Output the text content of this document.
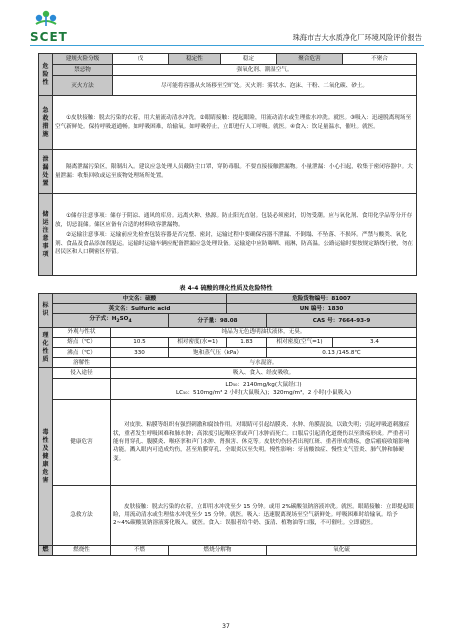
SCET	珠海市吉大水质净化厂环境风险评价报告
危险性	建规火险分级	戊	稳定性	稳定	聚合危害	不聚合
	禁忌物	强氧化剂、潮湿空气。				
	灭火方法	尽可能将容器从火场移至空旷处。灭火剂：雾状水、泡沫、干粉、二氧化碳、砂土。				
急救措施	①皮肤接触：脱去污染的衣着，用大量流动清水冲洗。②眼睛接触：提起眼睑，用流动清水或生理盐水冲洗。就医。③吸入：迅速脱离现场至空气新鲜处。保持呼吸道通畅。如呼吸困难，给输氧。如呼吸停止，立即进行人工呼吸。就医。④食入：饮足量温水，催吐。就医。					
泄漏处置	隔离泄漏污染区，限制出入。建议应急处理人员戴防尘口罩，穿防毒服。不要直接接触泄漏物。小量泄漏：小心扫起，收集于密闭容器中。大量泄漏：收集回收或运至废物处理场所处置。					
储运注意事项	①储存注意事项：储存于阴凉、通风的库房。远离火种、热源。防止阳光直射。包装必须密封，切勿受潮。应与氧化剂、食用化学品等分开存放，切忌混储。储区应备有合适的材料收容泄漏物。
②运输注意事项：运输前应先检查包装容器是否完整、密封，运输过程中要确保容器不泄漏、不倒塌、不坠落、不损坏。严禁与酸类、氧化剂、食品及食品添加剂混运。运输时运输车辆应配备泄漏应急处理设备。运输途中应防曝晒、雨淋，防高温。公路运输时要按规定路线行驶，勿在居民区和人口稠密区停留。					
表 4-4 硫酸的理化性质及危险特性
标识	中文名：硫酸			危险货物编号：81007		
	英文名：Sulfuric acid			UN 编号：1830		
	分子式：$H_2SO_4$		分子量：98.08		CAS 号：7664-93-9	
理化性质	外观与性状	纯品为无色透明油状液体，无臭。				
	熔点（℃）	10.5	相对密度(水=1)	1.83	相对密度(空气=1)	3.4
	沸点（℃）	330	饱和蒸气压（kPa）		0.13 /145.8℃	
	溶解性	与水混溶。				
毒性及健康危害	侵入途径	吸入、食入、经皮吸收。				

		LD₅₀：2140mg/kg(大鼠经口)
LC₅₀：510mg/m³ 2 小时(大鼠吸入)；320mg/m³，2 小时(小鼠吸入)				

	健康危害	对皮肤、粘膜等组织有强烈刺激和腐蚀作用。对眼睛可引起结膜炎、水肿、角膜混浊，以致失明；引起呼吸道刺激症状，重者发生呼吸困难和肺水肿；高浓度引起喉痉挛或声门水肿而死亡。口服后引起消化道烧伤以至溃疡形成。严重者可能有胃穿孔、腹膜炎、喉痉挛和声门水肿、肾损害、休克等。皮肤灼伤轻者出现红斑、重者形成溃疡，愈后瘢痕收缩影响功能。溅入眼内可造成灼伤，甚至角膜穿孔、全眼炎以至失明。慢性影响：牙齿酸蚀症、慢性支气管炎、肺气肿和肺硬变。				
	急救方法	皮肤接触：脱去污染的衣着，立即用水冲洗至少 15 分钟。或用 2%碳酸氢钠溶液冲洗。就医。眼睛接触：立即提起眼睑，用流动清水或生理盐水冲洗至少 15 分钟。就医。吸入：迅速脱离现场至空气新鲜处。呼吸困难时给输氧。给予 2~4%碳酸氢钠溶液雾化吸入。就医。食入：误服者给牛奶、蛋清、植物油等口服，不可催吐。立即就医。				
燃	燃烧性	不燃	燃烧分解物		氧化硫	
37
